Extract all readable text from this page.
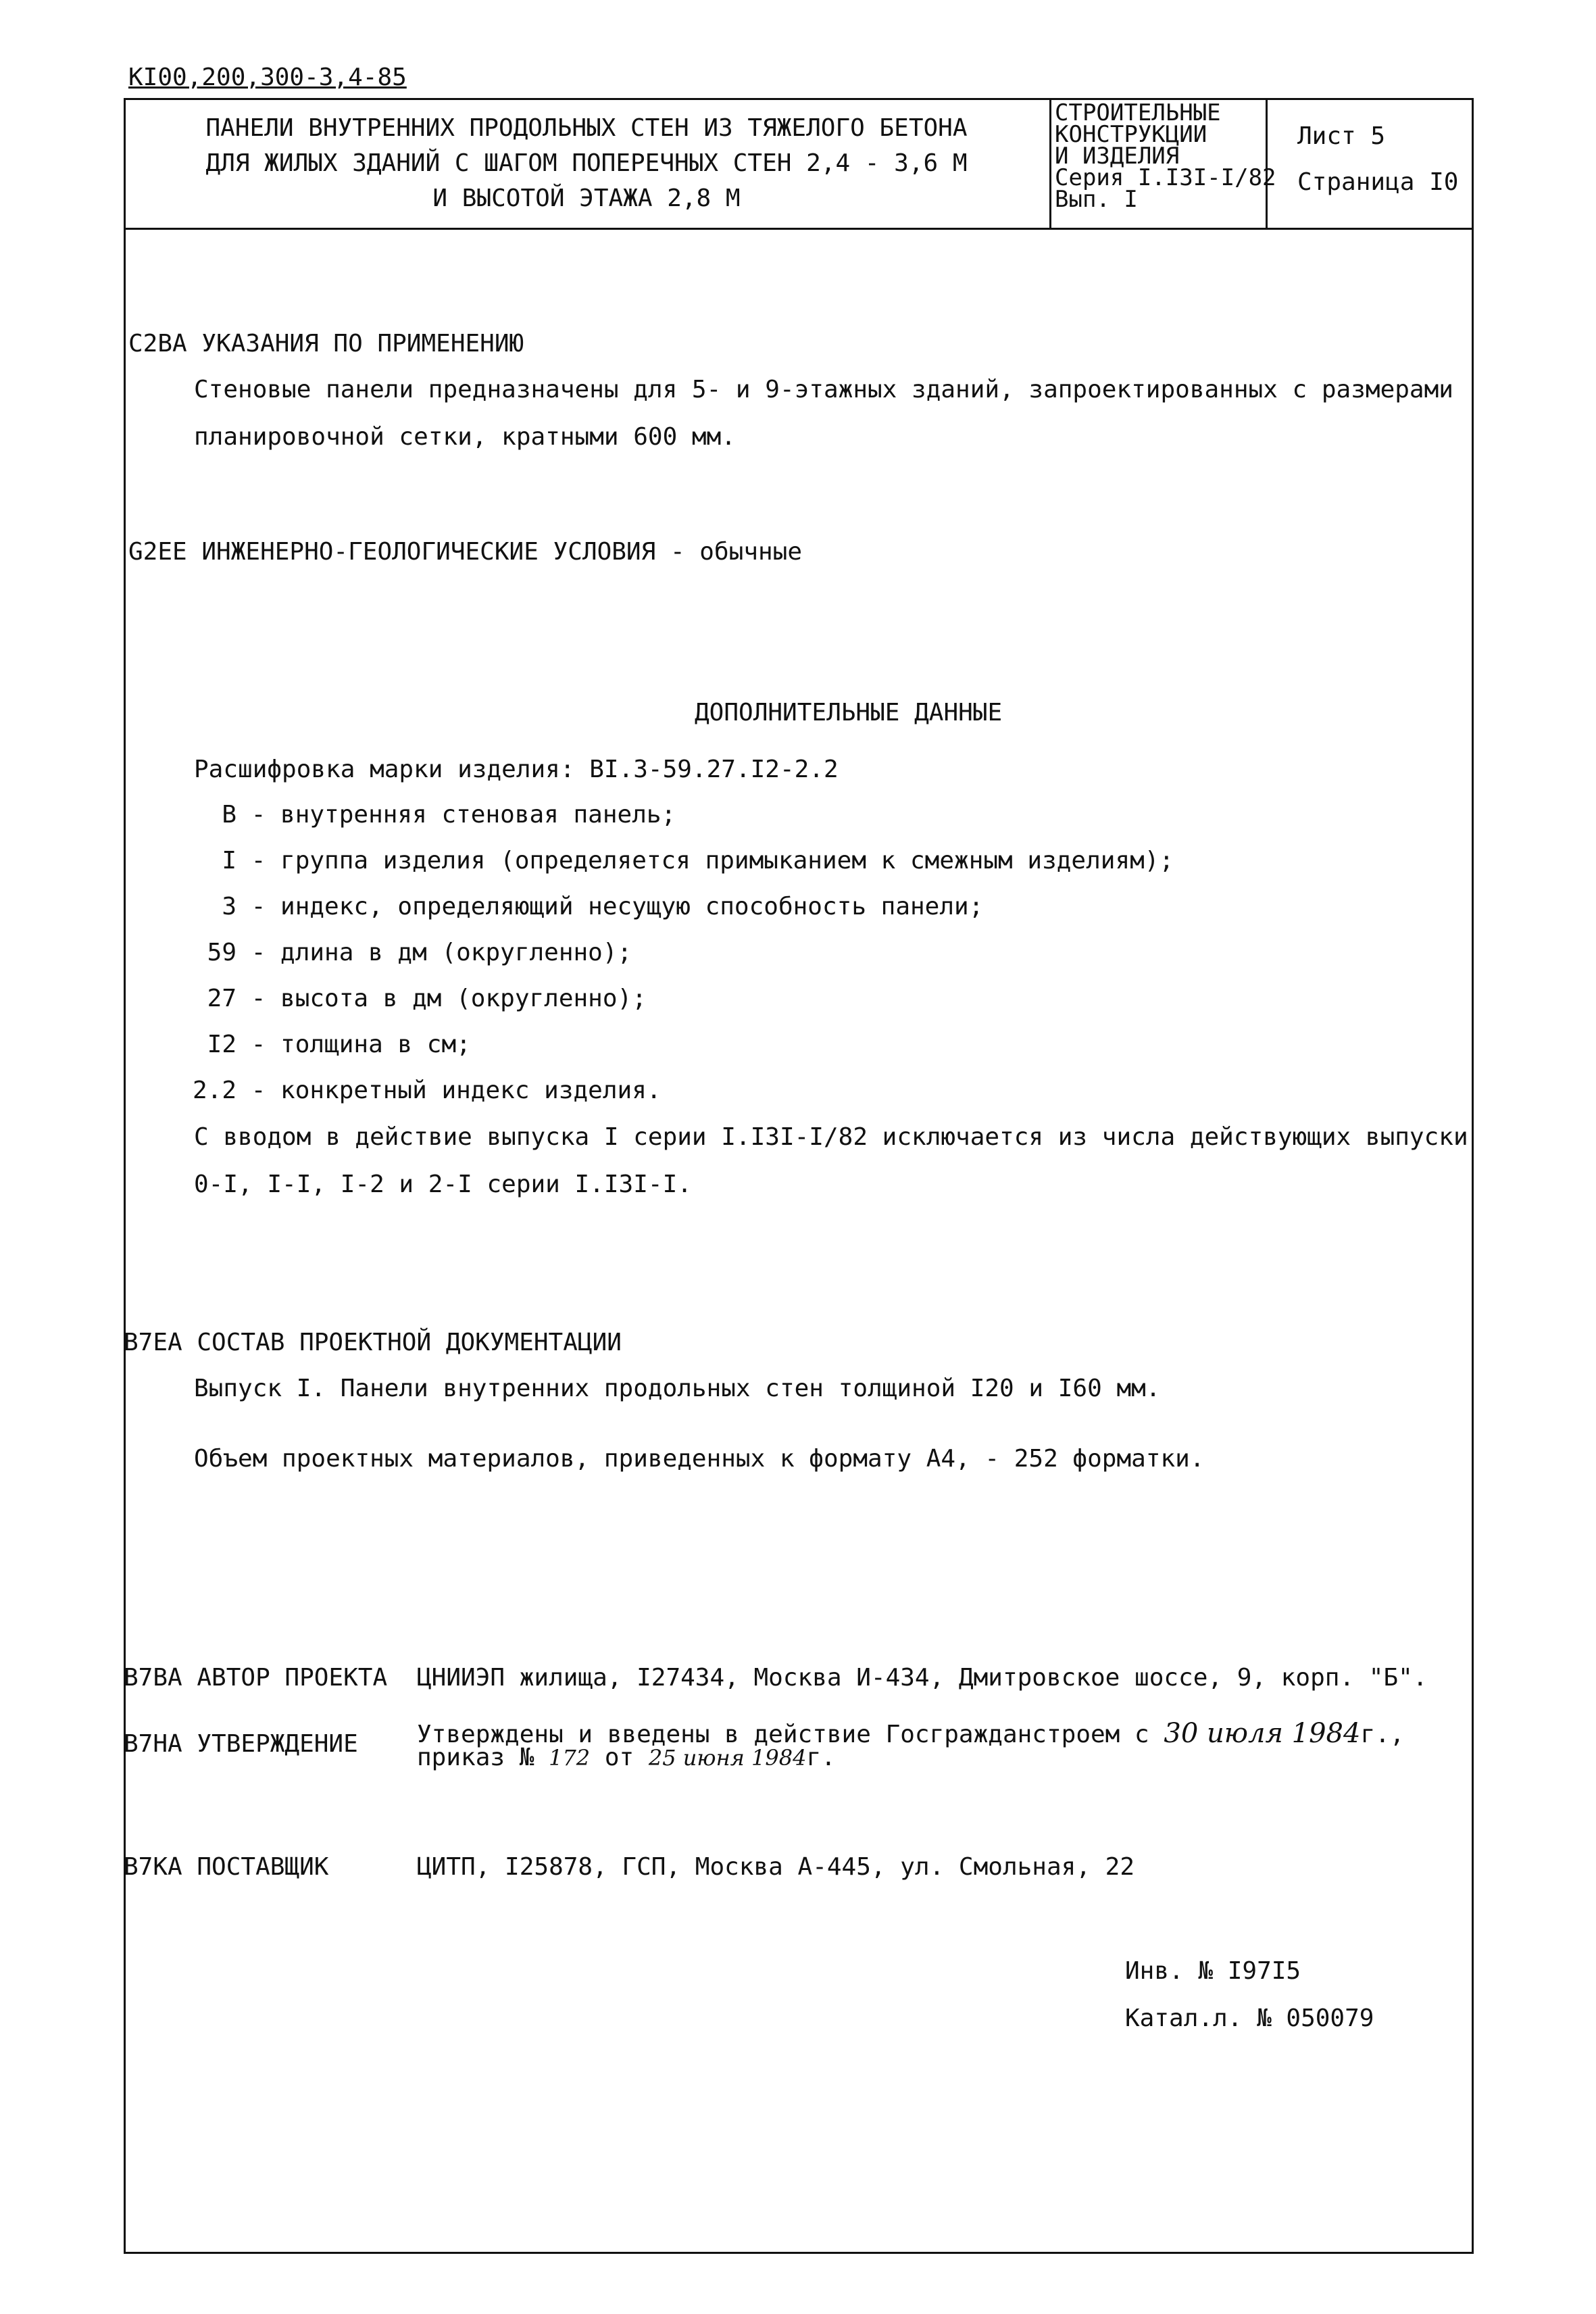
КI00,200,300-3,4-85
ПАНЕЛИ ВНУТРЕННИХ ПРОДОЛЬНЫХ СТЕН ИЗ ТЯЖЕЛОГО БЕТОНА
ДЛЯ ЖИЛЫХ ЗДАНИЙ С ШАГОМ ПОПЕРЕЧНЫХ СТЕН 2,4 - 3,6 М
И ВЫСОТОЙ ЭТАЖА 2,8 М
СТРОИТЕЛЬНЫЕ
КОНСТРУКЦИИ
И ИЗДЕЛИЯ
Серия I.I3I-I/82
Вып. I
Лист 5
Страница I0
С2ВА УКАЗАНИЯ ПО ПРИМЕНЕНИЮ
Стеновые панели предназначены для 5- и 9-этажных зданий, запроектированных с размерами
планировочной сетки, кратными 600 мм.
G2ЕЕ ИНЖЕНЕРНО-ГЕОЛОГИЧЕСКИЕ УСЛОВИЯ - обычные
ДОПОЛНИТЕЛЬНЫЕ ДАННЫЕ
Расшифровка марки изделия: ВI.3-59.27.I2-2.2
В - внутренняя стеновая панель;
I - группа изделия (определяется примыканием к смежным изделиям);
3 - индекс, определяющий несущую способность панели;
59 - длина в дм (округленно);
27 - высота в дм (округленно);
I2 - толщина в см;
2.2 - конкретный индекс изделия.
С вводом в действие выпуска I серии I.I3I-I/82 исключается из числа действующих выпуски
0-I, I-I, I-2 и 2-I серии I.I3I-I.
В7ЕА СОСТАВ ПРОЕКТНОЙ ДОКУМЕНТАЦИИ
Выпуск I. Панели внутренних продольных стен толщиной I20 и I60 мм.
Объем проектных материалов, приведенных к формату А4, - 252 форматки.
В7ВА АВТОР ПРОЕКТА ЦНИИЭП жилища, I27434, Москва И-434, Дмитровское шоссе, 9, корп. "Б".
В7НА УТВЕРЖДЕНИЕ Утверждены и введены в действие Госгражданстроем с 30 июля 1984г.,
приказ № 172 от 25 июня 1984г.
В7КА ПОСТАВЩИК	ЦИТП, I25878, ГСП, Москва А-445, ул. Смольная, 22
Инв. № I97I5
Катал.л. № 050079
